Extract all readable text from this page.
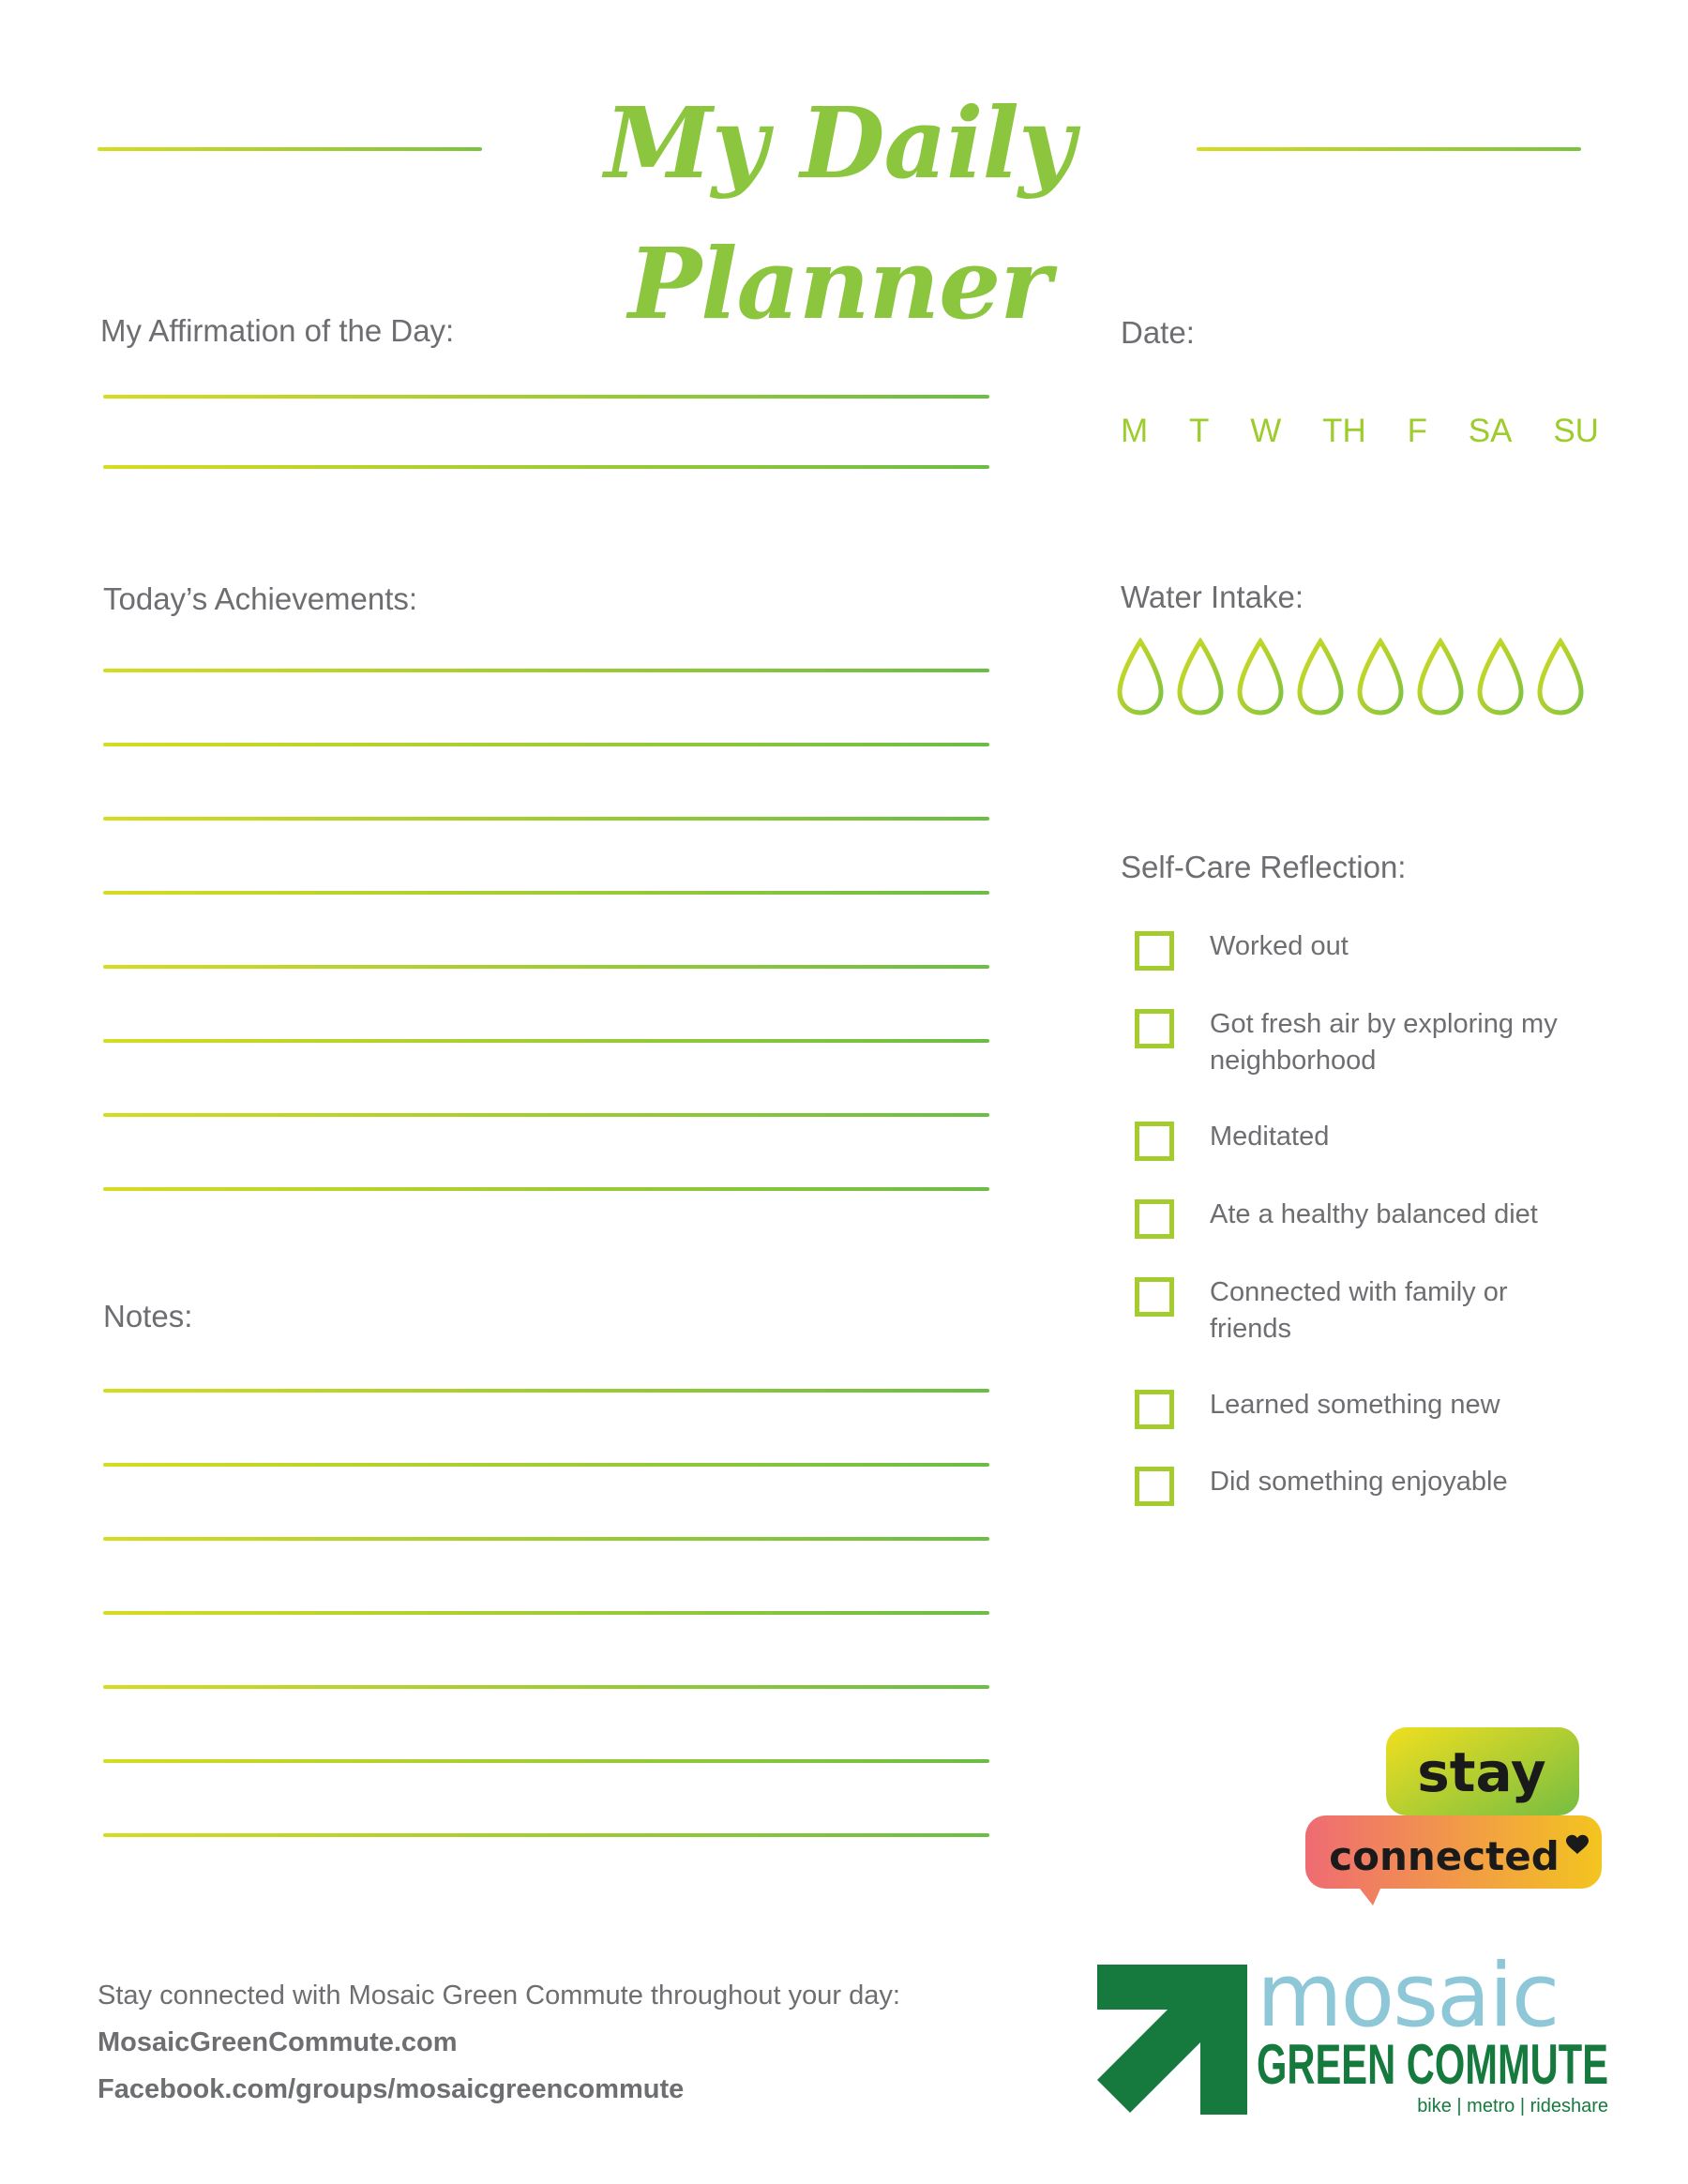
My Daily Planner
My Affirmation of the Day:
Today’s Achievements:
Notes:
Date:
M T W TH F SA SU
Water Intake:
Self-Care Reflection:
Worked out
Got fresh air by exploring my neighborhood
Meditated
Ate a healthy balanced diet
Connected with family or friends
Learned something new
Did something enjoyable
stay
connected
mosaic
GREEN COMMUTE
bike | metro | rideshare
Stay connected with Mosaic Green Commute throughout your day:
MosaicGreenCommute.com
Facebook.com/groups/mosaicgreencommute
